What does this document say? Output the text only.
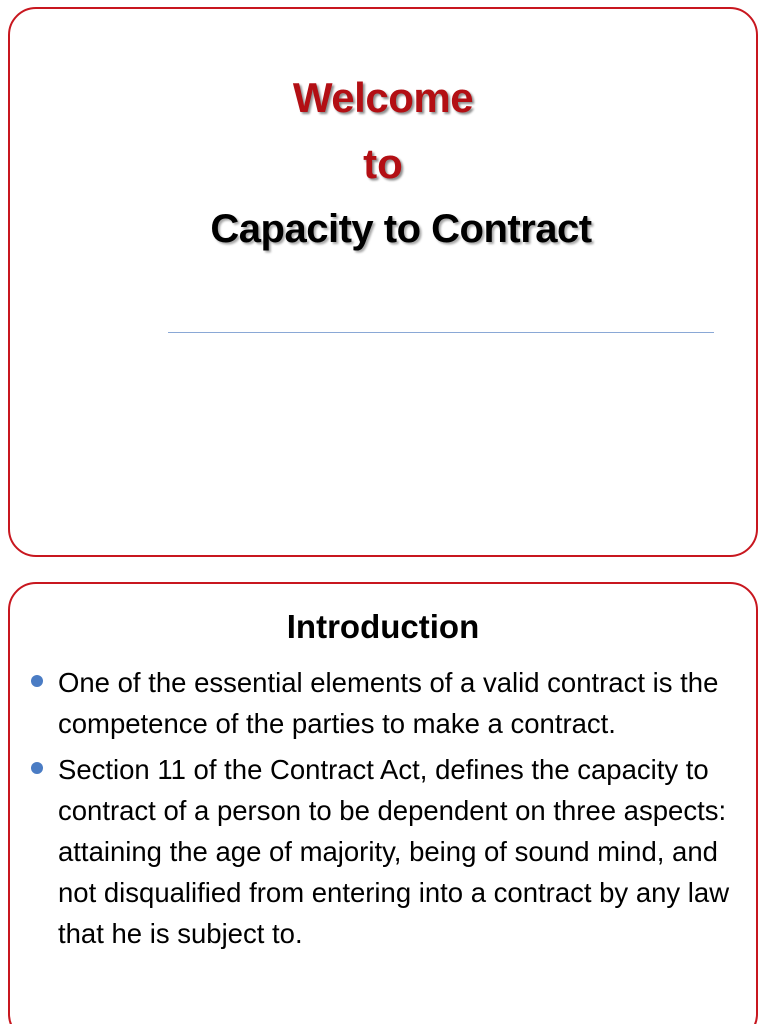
Welcome
to
Capacity to Contract
Introduction
One of the essential elements of a valid contract is the competence of the parties to make a contract.
Section 11 of the Contract Act, defines the capacity to contract of a person to be dependent on three aspects: attaining the age of majority, being of sound mind, and not disqualified from entering into a contract by any law that he is subject to.
